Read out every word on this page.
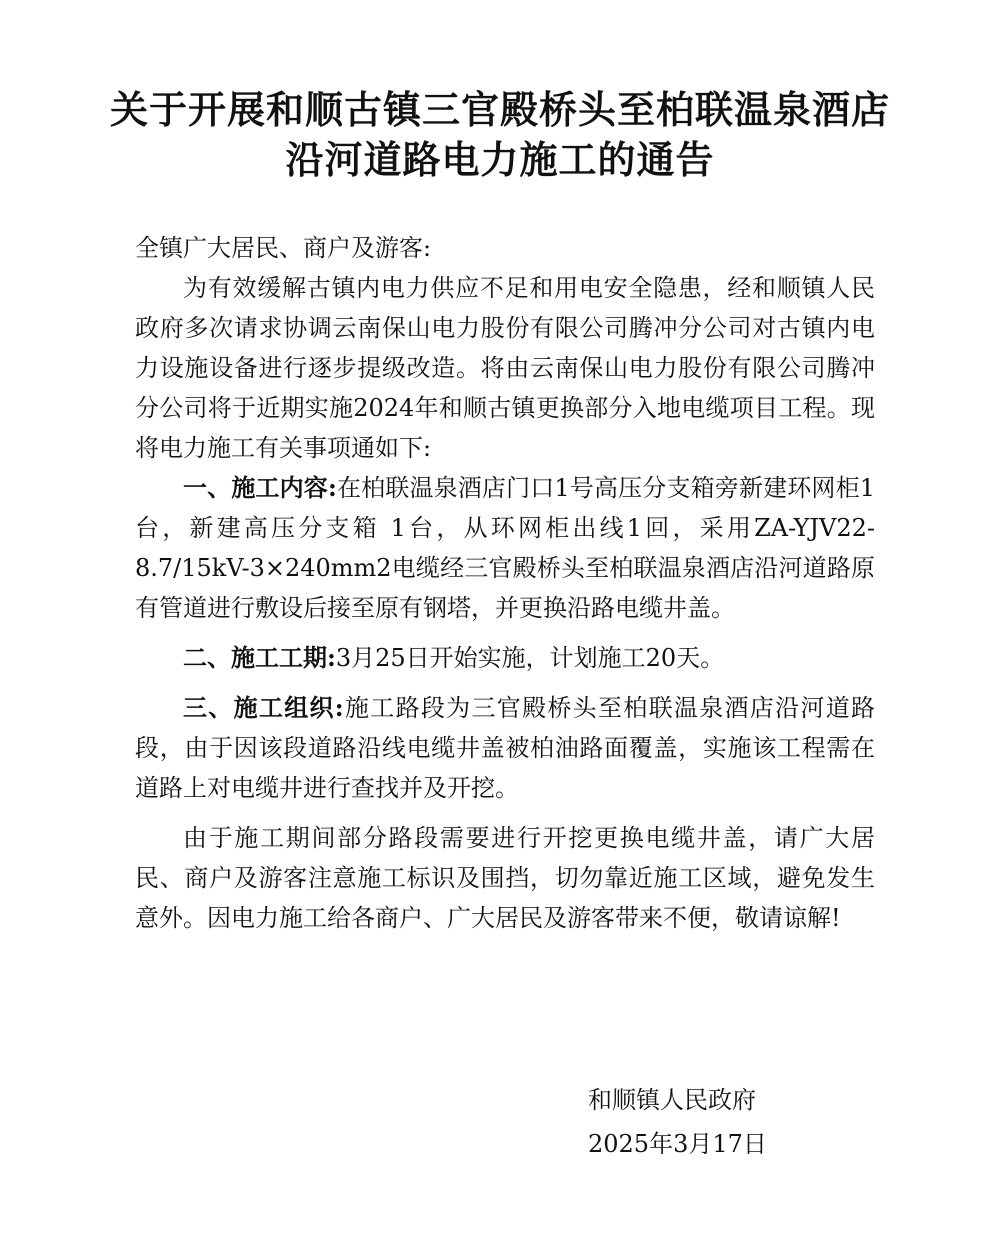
关于开展和顺古镇三官殿桥头至柏联温泉酒店
沿河道路电力施工的通告

全镇广大居民、商户及游客:

为有效缓解古镇内电力供应不足和用电安全隐患，经和顺镇人民政府多次请求协调云南保山电力股份有限公司腾冲分公司对古镇内电力设施设备进行逐步提级改造。将由云南保山电力股份有限公司腾冲分公司将于近期实施2024年和顺古镇更换部分入地电缆项目工程。现将电力施工有关事项通如下:

一、施工内容:在柏联温泉酒店门口1号高压分支箱旁新建环网柜1台，新建高压分支箱 1台，从环网柜出线1回，采用ZA-YJV22-8.7/15kV-3×240mm2电缆经三官殿桥头至柏联温泉酒店沿河道路原有管道进行敷设后接至原有钢塔，并更换沿路电缆井盖。

二、施工工期:3月25日开始实施，计划施工20天。

三、施工组织:施工路段为三官殿桥头至柏联温泉酒店沿河道路段，由于因该段道路沿线电缆井盖被柏油路面覆盖，实施该工程需在道路上对电缆井进行查找并及开挖。

由于施工期间部分路段需要进行开挖更换电缆井盖，请广大居民、商户及游客注意施工标识及围挡，切勿靠近施工区域，避免发生意外。因电力施工给各商户、广大居民及游客带来不便，敬请谅解!

和顺镇人民政府

2025年3月17日
